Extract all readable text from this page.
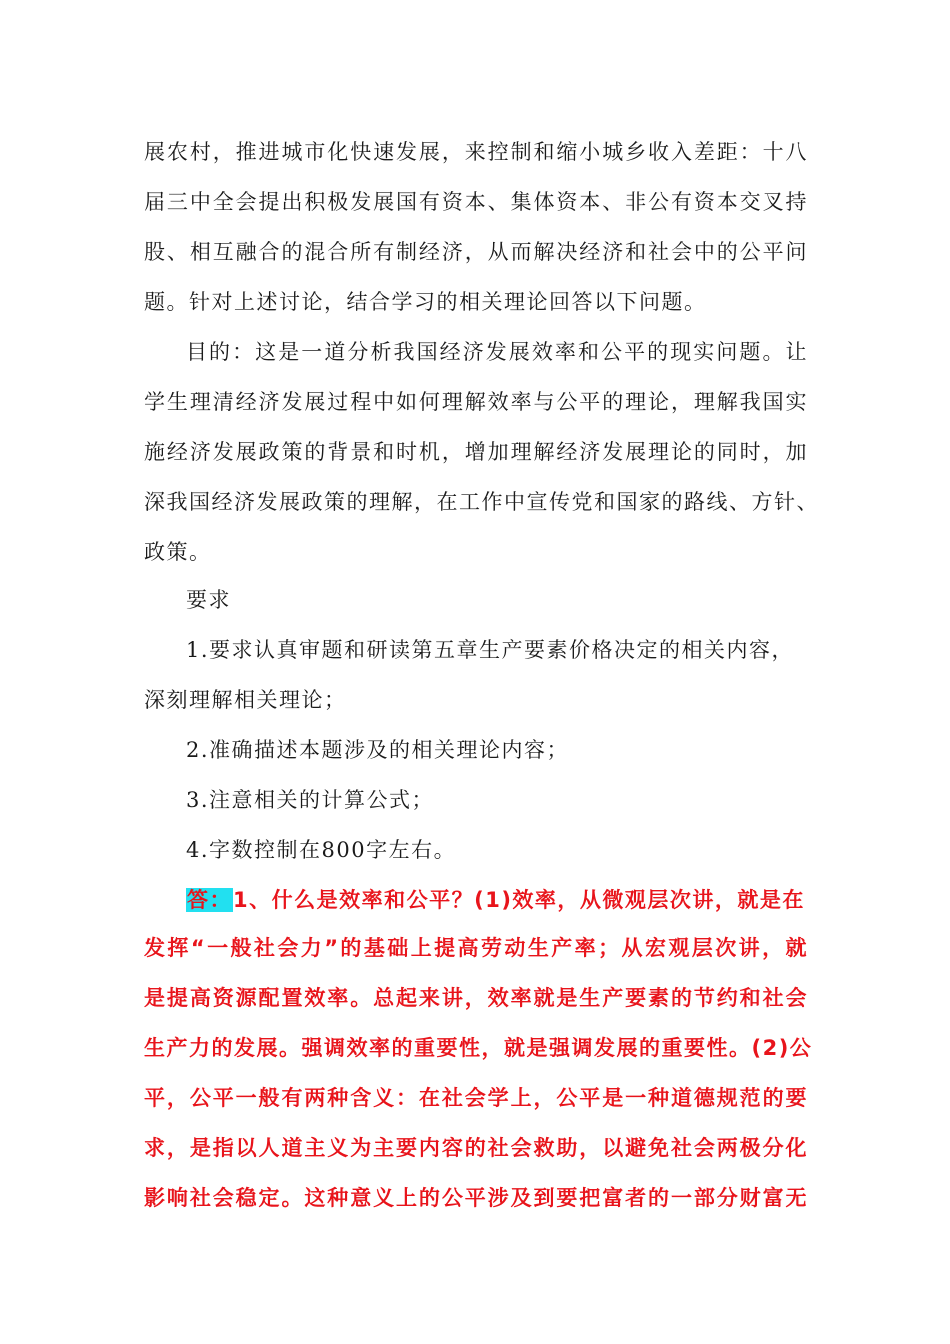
展农村，推进城市化快速发展，来控制和缩小城乡收入差距：十八
届三中全会提出积极发展国有资本、集体资本、非公有资本交叉持
股、相互融合的混合所有制经济，从而解决经济和社会中的公平问
题。针对上述讨论，结合学习的相关理论回答以下问题。
目的：这是一道分析我国经济发展效率和公平的现实问题。让
学生理清经济发展过程中如何理解效率与公平的理论，理解我国实
施经济发展政策的背景和时机，增加理解经济发展理论的同时，加
深我国经济发展政策的理解，在工作中宣传党和国家的路线、方针、
政策。
要求
1.要求认真审题和研读第五章生产要素价格决定的相关内容，
深刻理解相关理论；
2.准确描述本题涉及的相关理论内容；
3.注意相关的计算公式；
4.字数控制在800字左右。
答：1、什么是效率和公平？(1)效率，从微观层次讲，就是在
发挥“一般社会力”的基础上提高劳动生产率；从宏观层次讲，就
是提高资源配置效率。总起来讲，效率就是生产要素的节约和社会
生产力的发展。强调效率的重要性，就是强调发展的重要性。(2)公
平，公平一般有两种含义：在社会学上，公平是一种道德规范的要
求，是指以人道主义为主要内容的社会救助，以避免社会两极分化
影响社会稳定。这种意义上的公平涉及到要把富者的一部分财富无
